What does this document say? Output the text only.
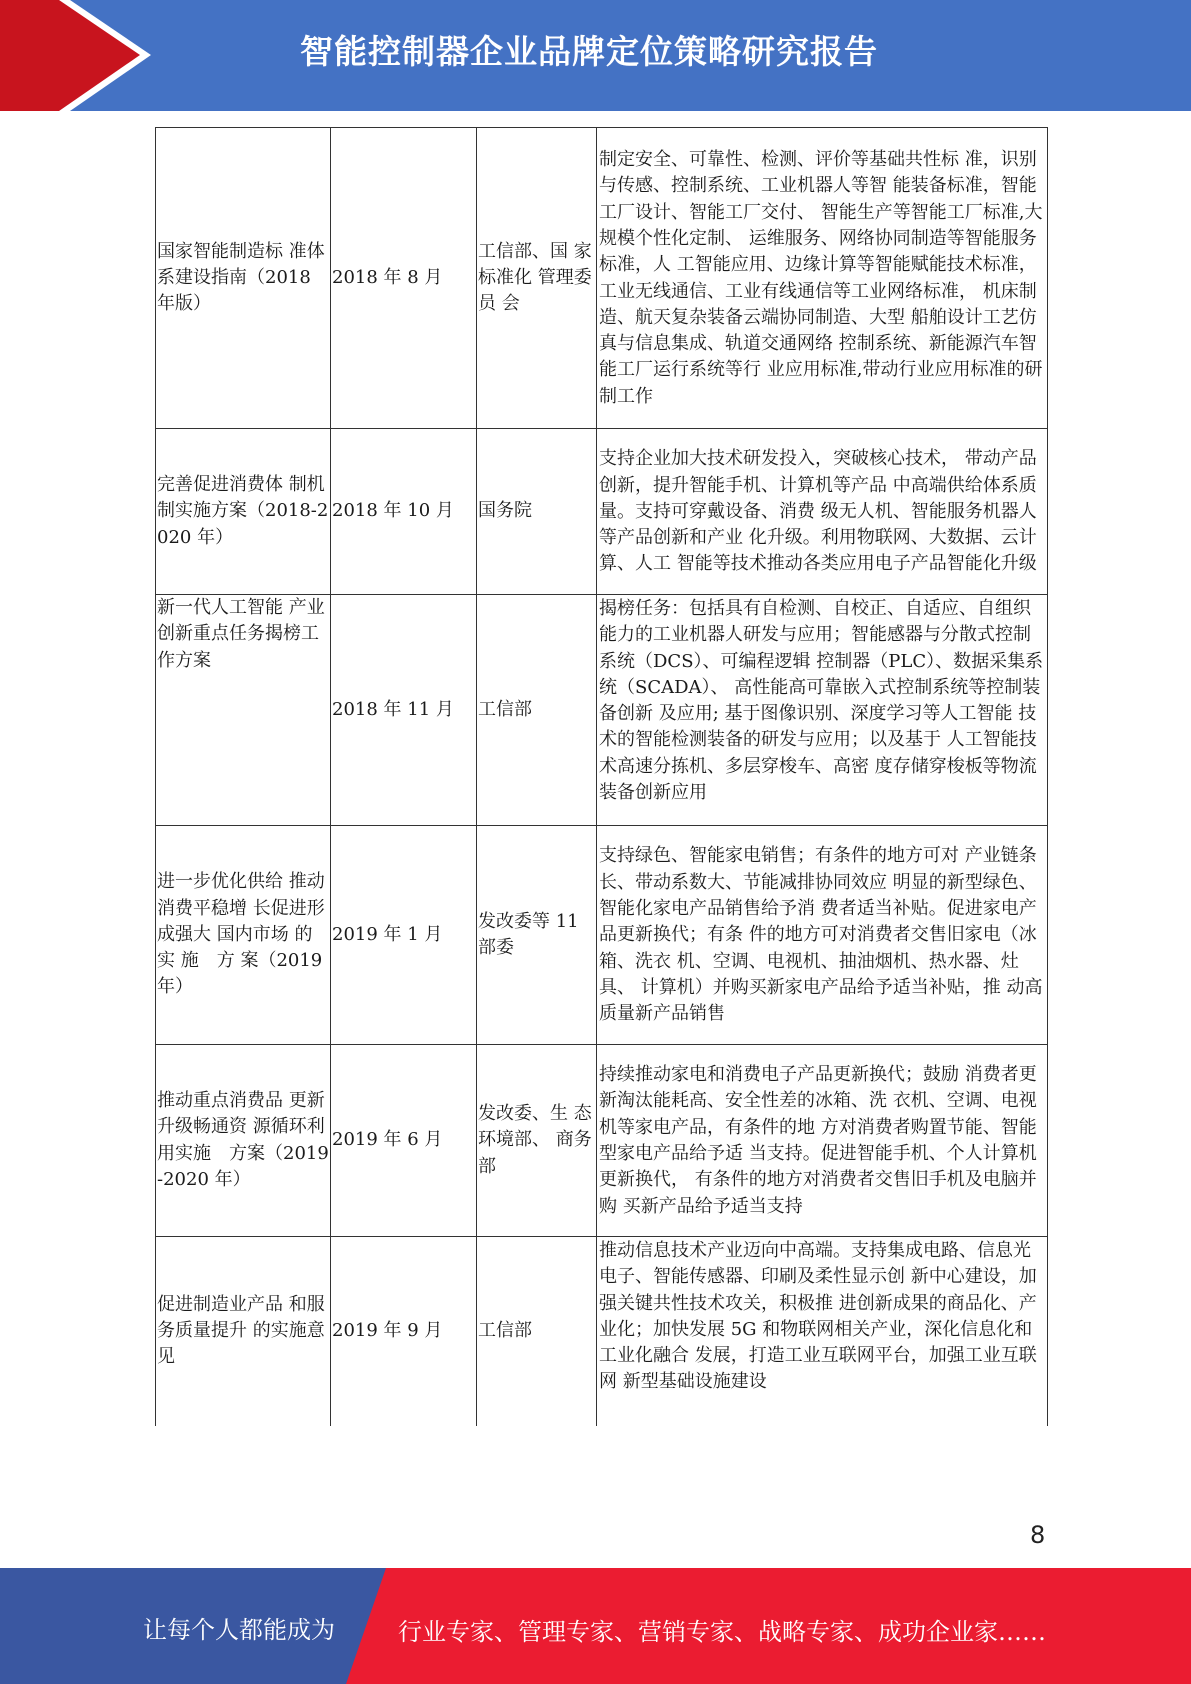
智能控制器企业品牌定位策略研究报告
国家智能制造标 准体系建设指南（2018 年版）	2018 年 8 月	工信部、国 家标准化 管理委员 会	制定安全、可靠性、检测、评价等基础共性标 准，识别与传感、控制系统、工业机器人等智 能装备标准，智能工厂设计、智能工厂交付、 智能生产等智能工厂标准,大规模个性化定制、 运维服务、网络协同制造等智能服务标准，人 工智能应用、边缘计算等智能赋能技术标准， 工业无线通信、工业有线通信等工业网络标准， 机床制造、航天复杂装备云端协同制造、大型 船舶设计工艺仿真与信息集成、轨道交通网络 控制系统、新能源汽车智能工厂运行系统等行 业应用标准,带动行业应用标准的研制工作
完善促进消费体 制机制实施方案（2018-2020 年）	2018 年 10 月	国务院	支持企业加大技术研发投入，突破核心技术， 带动产品创新，提升智能手机、计算机等产品 中高端供给体系质量。支持可穿戴设备、消费 级无人机、智能服务机器人等产品创新和产业 化升级。利用物联网、大数据、云计算、人工 智能等技术推动各类应用电子产品智能化升级
新一代人工智能 产业创新重点任务揭榜工作方案	2018 年 11 月	工信部	揭榜任务：包括具有自检测、自校正、自适应、自组织能力的工业机器人研发与应用；智能感器与分散式控制系统（DCS）、可编程逻辑 控制器（PLC）、数据采集系统（SCADA）、 高性能高可靠嵌入式控制系统等控制装备创新 及应用; 基于图像识别、深度学习等人工智能 技术的智能检测装备的研发与应用；以及基于 人工智能技术高速分拣机、多层穿梭车、高密 度存储穿梭板等物流装备创新应用
进一步优化供给 推动消费平稳增 长促进形成强大 国内市场 的 实 施　方 案（2019 年）	2019 年 1 月	发改委等 11 部委	支持绿色、智能家电销售；有条件的地方可对 产业链条长、带动系数大、节能减排协同效应 明显的新型绿色、智能化家电产品销售给予消 费者适当补贴。促进家电产品更新换代；有条 件的地方可对消费者交售旧家电（冰箱、洗衣 机、空调、电视机、抽油烟机、热水器、灶具、 计算机）并购买新家电产品给予适当补贴，推 动高质量新产品销售
推动重点消费品 更新升级畅通资 源循环利用实施　方案（2019-2020 年）	2019 年 6 月	发改委、生 态环境部、 商务部	持续推动家电和消费电子产品更新换代；鼓励 消费者更新淘汰能耗高、安全性差的冰箱、洗 衣机、空调、电视机等家电产品，有条件的地 方对消费者购置节能、智能型家电产品给予适 当支持。促进智能手机、个人计算机更新换代， 有条件的地方对消费者交售旧手机及电脑并购 买新产品给予适当支持
促进制造业产品 和服务质量提升 的实施意见	2019 年 9 月	工信部	推动信息技术产业迈向中高端。支持集成电路、信息光电子、智能传感器、印刷及柔性显示创 新中心建设，加强关键共性技术攻关，积极推 进创新成果的商品化、产业化；加快发展 5G 和物联网相关产业，深化信息化和工业化融合 发展，打造工业互联网平台，加强工业互联网 新型基础设施建设
8
让每个人都能成为	行业专家、管理专家、营销专家、战略专家、成功企业家……
